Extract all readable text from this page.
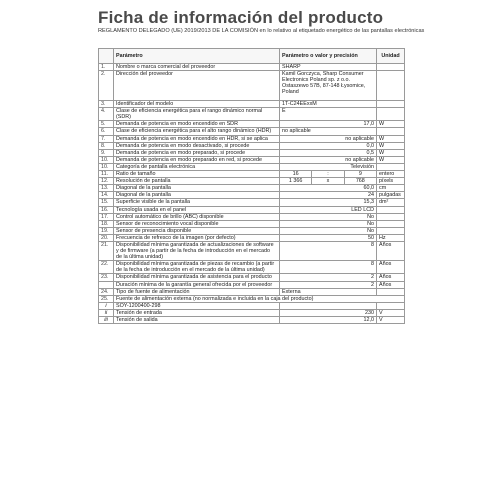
Ficha de información del producto
REGLAMENTO DELEGADO (UE) 2019/2013 DE LA COMISIÓN en lo relativo al etiquetado energético de las pantallas electrónicas
	Parámetro	Parámetro o valor y precisión	Unidad
1.	Nombre o marca comercial del proveedor	SHARP	
2.	Dirección del proveedor	Kamil Gorczyca, Sharp Consumer Electronics Poland sp. z o.o. Ostaszewo 57B, 87-148 Łysomice, Poland	
3.	Identificador del modelo	1T-C24EExxM	
4.	Clase de eficiencia energética para el rango dinámico normal (SDR)	E	
5.	Demanda de potencia en modo encendido en SDR	17,0	W
6.	Clase de eficiencia energética para el alto rango dinámico (HDR)	no aplicable	
7.	Demanda de potencia en modo encendido en HDR, si se aplica	no aplicable	W
8.	Demanda de potencia en modo desactivado, si procede	0,0	W
9.	Demanda de potencia en modo preparado, si procede	0,5	W
10.	Demanda de potencia en modo preparado en red, si procede	no aplicable	W
10.	Categoría de pantalla electrónica	Televisión	
11.	Ratio de tamaño	16 : 9	entero
12.	Resolución de pantalla	1 366 x 768	píxels
13.	Diagonal de la pantalla	60,0	cm
14.	Diagonal de la pantalla	24	pulgadas
15.	Superficie visible de la pantalla	15,3	dm²
16.	Tecnología usada en el panel	LED LCD	
17.	Control automático de brillo (ABC) disponible	No	
18.	Sensor de reconocimiento vocal disponible	No	
19.	Sensor de presencia disponible	No	
20.	Frecuencia de refresco de la imagen (por defecto)	50	Hz
21.	Disponibilidad mínima garantizada de actualizaciones de software y de firmware (a partir de la fecha de introducción en el mercado de la última unidad)	8	Años
22.	Disponibilidad mínima garantizada de piezas de recambio (a partir de la fecha de introducción en el mercado de la última unidad)	8	Años
23.	Disponibilidad mínima garantizada de asistencia para el producto	2	Años
	Duración mínima de la garantía general ofrecida por el proveedor	2	Años
24.	Tipo de fuente de alimentación	Externa	
25.	Fuente de alimentación externa (no normalizada e incluida en la caja del producto)		
i	SOY-1200400-298		
ii	Tensión de entrada	230	V
iii	Tensión de salida	12,0	V
